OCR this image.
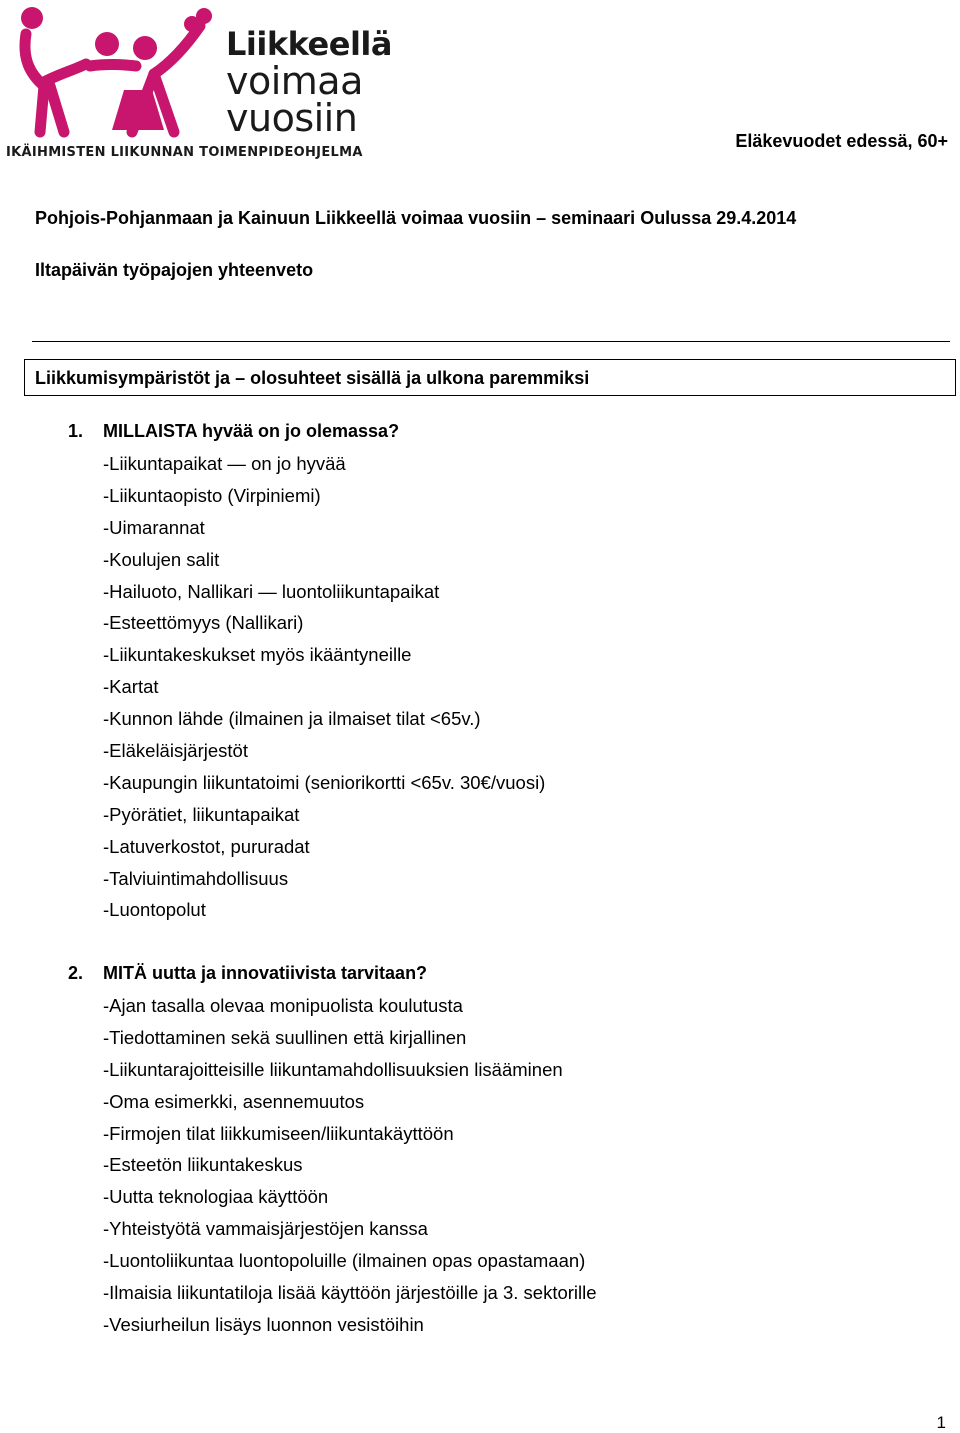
Liikkeellä
voimaa
vuosiin
IKÄIHMISTEN LIIKUNNAN TOIMENPIDEOHJELMA
Eläkevuodet edessä, 60+
Pohjois-Pohjanmaan ja Kainuun Liikkeellä voimaa vuosiin – seminaari Oulussa 29.4.2014
Iltapäivän työpajojen yhteenveto
Liikkumisympäristöt ja – olosuhteet sisällä ja ulkona paremmiksi
1. MILLAISTA hyvää on jo olemassa?
-Liikuntapaikat — on jo hyvää
-Liikuntaopisto (Virpiniemi)
-Uimarannat
-Koulujen salit
-Hailuoto, Nallikari — luontoliikuntapaikat
-Esteettömyys (Nallikari)
-Liikuntakeskukset myös ikääntyneille
-Kartat
-Kunnon lähde (ilmainen ja ilmaiset tilat <65v.)
-Eläkeläisjärjestöt
-Kaupungin liikuntatoimi (seniorikortti <65v. 30€/vuosi)
-Pyörätiet, liikuntapaikat
-Latuverkostot, pururadat
-Talviuintimahdollisuus
-Luontopolut
2. MITÄ uutta ja innovatiivista tarvitaan?
-Ajan tasalla olevaa monipuolista koulutusta
-Tiedottaminen sekä suullinen että kirjallinen
-Liikuntarajoitteisille liikuntamahdollisuuksien lisääminen
-Oma esimerkki, asennemuutos
-Firmojen tilat liikkumiseen/liikuntakäyttöön
-Esteetön liikuntakeskus
-Uutta teknologiaa käyttöön
-Yhteistyötä vammaisjärjestöjen kanssa
-Luontoliikuntaa luontopoluille (ilmainen opas opastamaan)
-Ilmaisia liikuntatiloja lisää käyttöön järjestöille ja 3. sektorille
-Vesiurheilun lisäys luonnon vesistöihin
1
